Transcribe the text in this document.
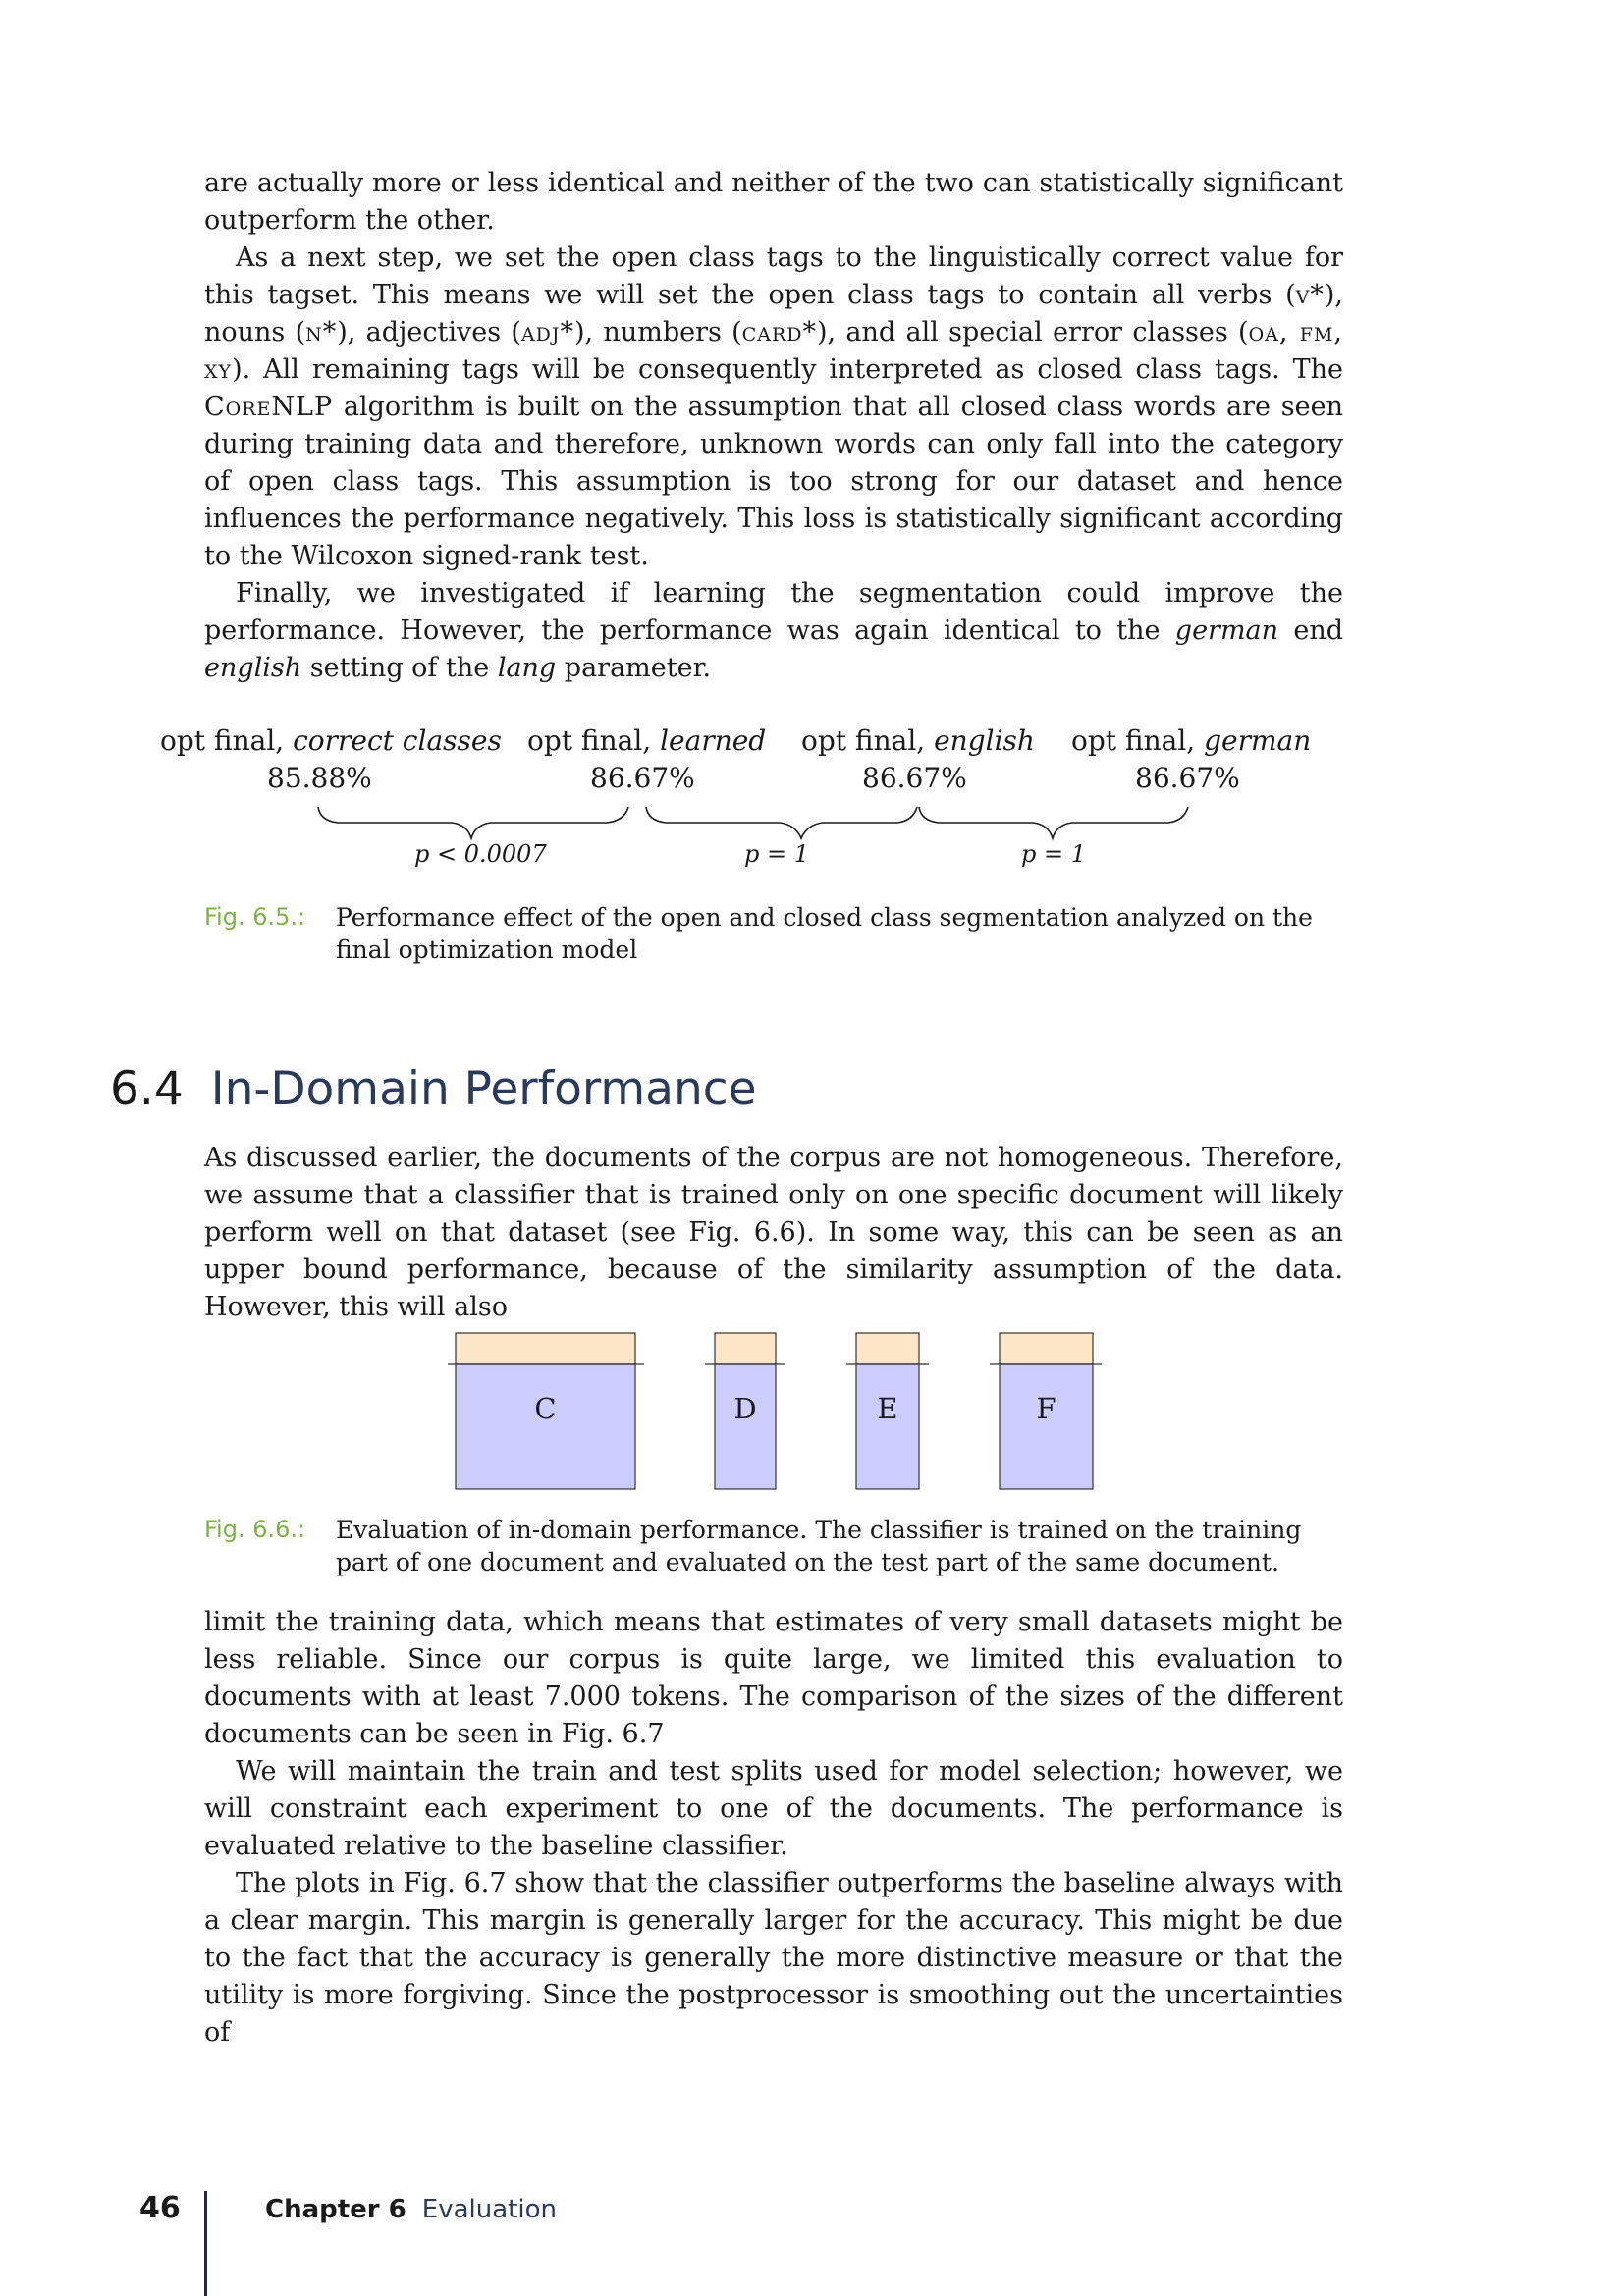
are actually more or less identical and neither of the two can statistically significant outperform the other.

As a next step, we set the open class tags to the linguistically correct value for this tagset. This means we will set the open class tags to contain all verbs (v*), nouns (n*), adjectives (adj*), numbers (card*), and all special error classes (oa, fm, xy). All remaining tags will be consequently interpreted as closed class tags. The CoreNLP algorithm is built on the assumption that all closed class words are seen during training data and therefore, unknown words can only fall into the category of open class tags. This assumption is too strong for our dataset and hence influences the performance negatively. This loss is statistically significant according to the Wilcoxon signed-rank test.

Finally, we investigated if learning the segmentation could improve the performance. However, the performance was again identical to the german end english setting of the lang parameter.

opt final, correct classes opt final, learned opt final, english opt final, german
85.88%	86.67%	86.67%	86.67%
p < 0.0007	p = 1	p = 1
Fig. 6.5.:	Performance effect of the open and closed class segmentation analyzed on the final optimization model
6.4 In-Domain Performance

As discussed earlier, the documents of the corpus are not homogeneous. Therefore, we assume that a classifier that is trained only on one specific document will likely perform well on that dataset (see Fig. 6.6). In some way, this can be seen as an upper bound performance, because of the similarity assumption of the data. However, this will also

C	D	E	F
Fig. 6.6.:	Evaluation of in-domain performance. The classifier is trained on the training part of one document and evaluated on the test part of the same document.

limit the training data, which means that estimates of very small datasets might be less reliable. Since our corpus is quite large, we limited this evaluation to documents with at least 7.000 tokens. The comparison of the sizes of the different documents can be seen in Fig. 6.7

We will maintain the train and test splits used for model selection; however, we will constraint each experiment to one of the documents. The performance is evaluated relative to the baseline classifier.

The plots in Fig. 6.7 show that the classifier outperforms the baseline always with a clear margin. This margin is generally larger for the accuracy. This might be due to the fact that the accuracy is generally the more distinctive measure or that the utility is more forgiving. Since the postprocessor is smoothing out the uncertainties of

46	Chapter 6 Evaluation
